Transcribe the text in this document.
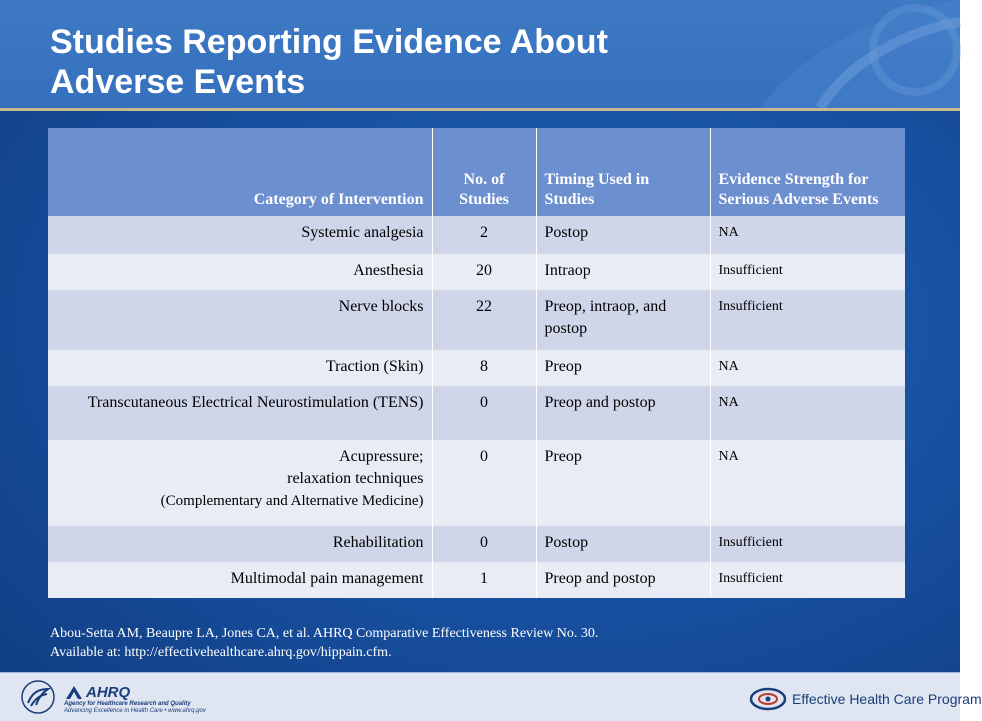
Studies Reporting Evidence About
Adverse Events
Category of Intervention	No. of Studies	Timing Used in Studies	Evidence Strength for Serious Adverse Events
Systemic analgesia	2	Postop	NA
Anesthesia	20	Intraop	Insufficient
Nerve blocks	22	Preop, intraop, and postop	Insufficient
Traction (Skin)	8	Preop	NA
Transcutaneous Electrical Neurostimulation (TENS)	0	Preop and postop	NA

Acupressure;
relaxation techniques
(Complementary and Alternative Medicine)	0	Preop	NA
Rehabilitation	0	Postop	Insufficient
Multimodal pain management	1	Preop and postop	Insufficient
Abou-Setta AM, Beaupre LA, Jones CA, et al. AHRQ Comparative Effectiveness Review No. 30.
Available at: http://effectivehealthcare.ahrq.gov/hippain.cfm.
AHRQ
Agency for Healthcare Research and Quality
Advancing Excellence in Health Care • www.ahrq.gov
Effective Health Care Program
